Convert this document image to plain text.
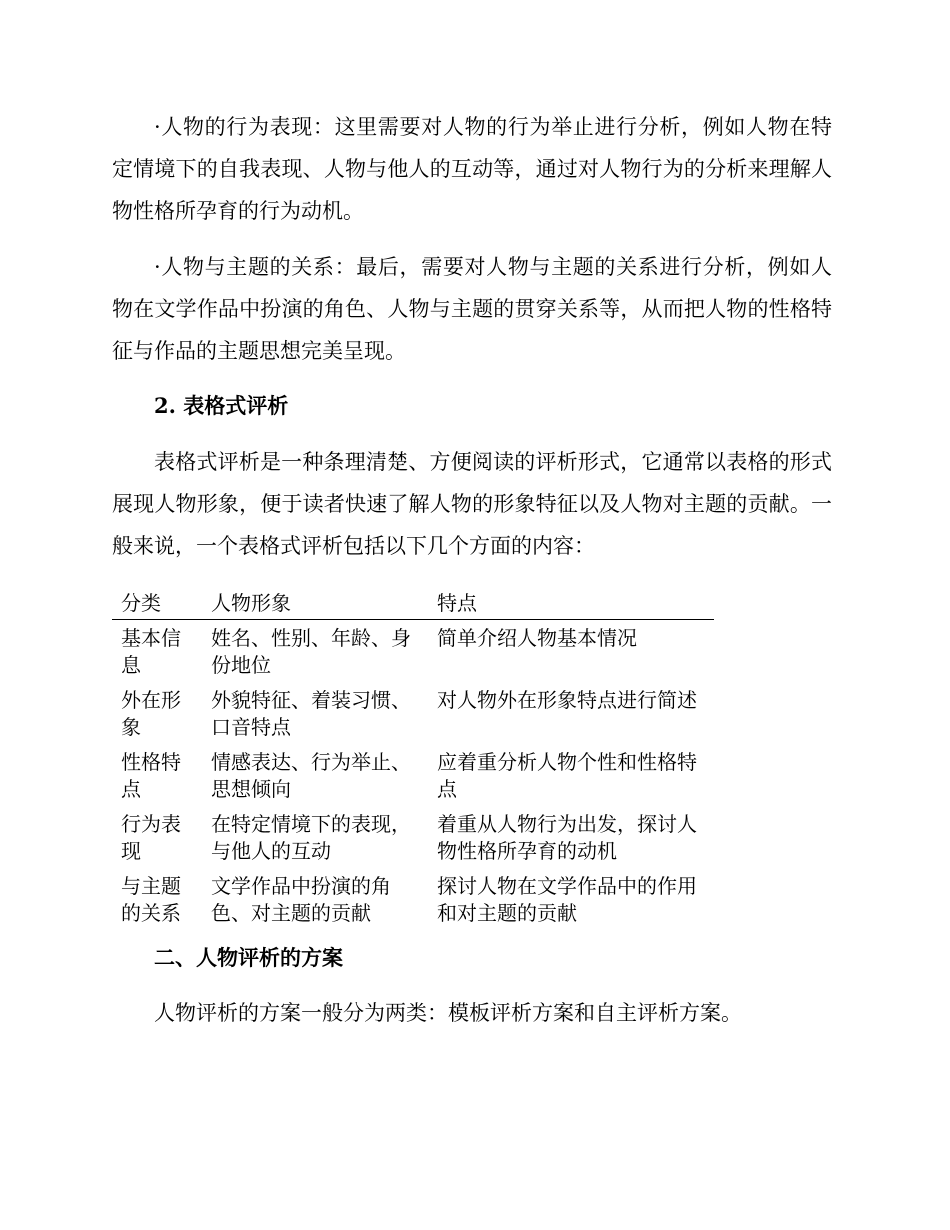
·人物的行为表现：这里需要对人物的行为举止进行分析，例如人物在特定情境下的自我表现、人物与他人的互动等，通过对人物行为的分析来理解人物性格所孕育的行为动机。

·人物与主题的关系：最后，需要对人物与主题的关系进行分析，例如人物在文学作品中扮演的角色、人物与主题的贯穿关系等，从而把人物的性格特征与作品的主题思想完美呈现。

2. 表格式评析

表格式评析是一种条理清楚、方便阅读的评析形式，它通常以表格的形式展现人物形象，便于读者快速了解人物的形象特征以及人物对主题的贡献。一般来说，一个表格式评析包括以下几个方面的内容：

分类	人物形象	特点
基本信息	姓名、性别、年龄、身份地位	简单介绍人物基本情况
外在形象	外貌特征、着装习惯、口音特点	对人物外在形象特点进行简述
性格特点	情感表达、行为举止、思想倾向	应着重分析人物个性和性格特点
行为表现	在特定情境下的表现，与他人的互动	着重从人物行为出发，探讨人物性格所孕育的动机
与主题的关系	文学作品中扮演的角色、对主题的贡献	探讨人物在文学作品中的作用和对主题的贡献
二、人物评析的方案

人物评析的方案一般分为两类：模板评析方案和自主评析方案。
